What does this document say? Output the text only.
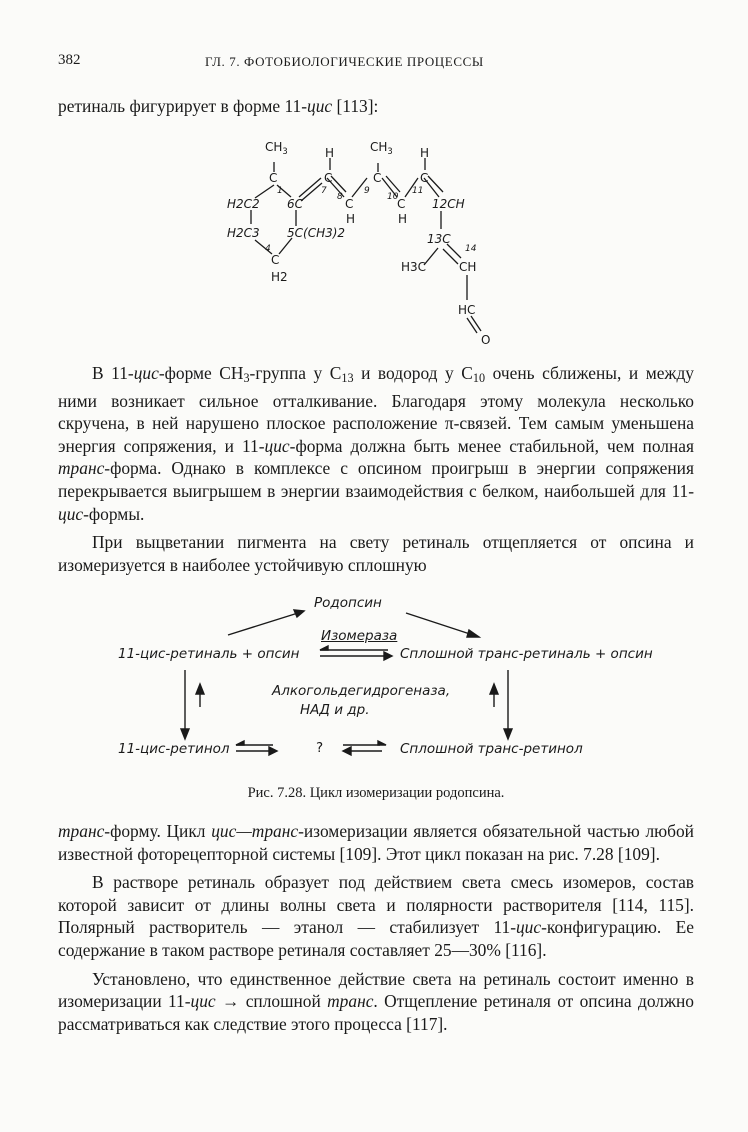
382	ГЛ. 7. ФОТОБИОЛОГИЧЕСКИЕ ПРОЦЕССЫ

ретиналь фигурирует в форме 11-цис [113]:

$CH_3$	$CH_3$
H	H
C	C	C	C
1	7	9	11
H2C2 6C	8	10
C	C
H	H
12CH
H2C3 5C(CH3)2
4
C
H2
13C
14
H3C	CH
HC
O

В 11-цис-форме $CH_3$-группа у $C_{13}$ и водород у $C_{10}$ очень сближены, и между ними возникает сильное отталкивание. Благодаря этому молекула несколько скручена, в ней нарушено плоское расположение π-связей. Тем самым уменьшена энергия сопряжения, и 11-цис-форма должна быть менее стабильной, чем полная транс-форма. Однако в комплексе с опсином проигрыш в энергии сопряжения перекрывается выигрышем в энергии взаимодействия с белком, наибольшей для 11-цис-формы.

При выцветании пигмента на свету ретиналь отщепляется от опсина и изомеризуется в наиболее устойчивую сплошную

Родопсин
Изомераза
11-цис-ретиналь + опсин	Сплошной транс-ретиналь + опсин
Алкогольдегидрогеназа,
НАД и др.
11-цис-ретинол	?	Сплошной транс-ретинол
Рис. 7.28. Цикл изомеризации родопсина.

транс-форму. Цикл цис—транс-изомеризации является обязательной частью любой известной фоторецепторной системы [109]. Этот цикл показан на рис. 7.28 [109].

В растворе ретиналь образует под действием света смесь изомеров, состав которой зависит от длины волны света и полярности растворителя [114, 115]. Полярный растворитель — этанол — стабилизует 11-цис-конфигурацию. Ее содержание в таком растворе ретиналя составляет 25—30% [116].

Установлено, что единственное действие света на ретиналь состоит именно в изомеризации 11-цис → сплошной транс. Отщепление ретиналя от опсина должно рассматриваться как следствие этого процесса [117].
